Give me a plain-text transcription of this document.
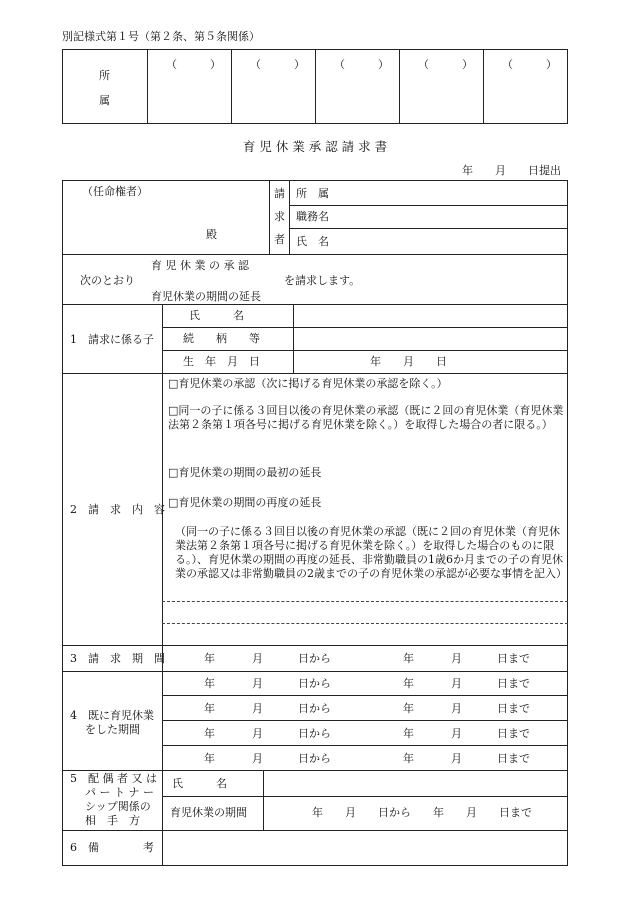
別記様式第１号（第２条、第５条関係）
所
属
（　　　）	（　　　）	（　　　）	（　　　）	（　　　）
育 児 休 業 承 認 請 求 書
年　　月　　日提出
（任命権者）
殿
請
求
者
所　属
職務名
氏　名
育 児 休 業 の 承 認
次のとおり	を請求します。
育児休業の期間の延長
1　請求に係る子
氏　　　名
続　　柄　　等
生　年　月　日	年　　月　　日
2　請　求　内　容
□育児休業の承認（次に掲げる育児休業の承認を除く。）
□同一の子に係る３回目以後の育児休業の承認（既に２回の育児休業（育児休業法第２条第１項各号に掲げる育児休業を除く。）を取得した場合の者に限る。）
□育児休業の期間の最初の延長
□育児休業の期間の再度の延長
（同一の子に係る３回目以後の育児休業の承認（既に２回の育児休業（育児休業法第２条第１項各号に掲げる育児休業を除く。）を取得した場合のものに限る。）、育児休業の期間の再度の延長、非常勤職員の1歳6か月までの子の育児休業の承認又は非常勤職員の2歳までの子の育児休業の承認が必要な事情を記入）
3　請　求　期　間	年	月	日から	年	月	日まで
4　既に育児休業
をした期間
年	月	日から	年	月	日まで
年	月	日から	年	月	日まで
年	月	日から	年	月	日まで
年	月	日から	年	月	日まで
5　配 偶 者 又 は
パ ー ト ナ ー
シップ関係の
相　手　方
氏　　　名
育児休業の期間	年　　月　　日から　　年　　月　　日まで
6　備　　　　考
